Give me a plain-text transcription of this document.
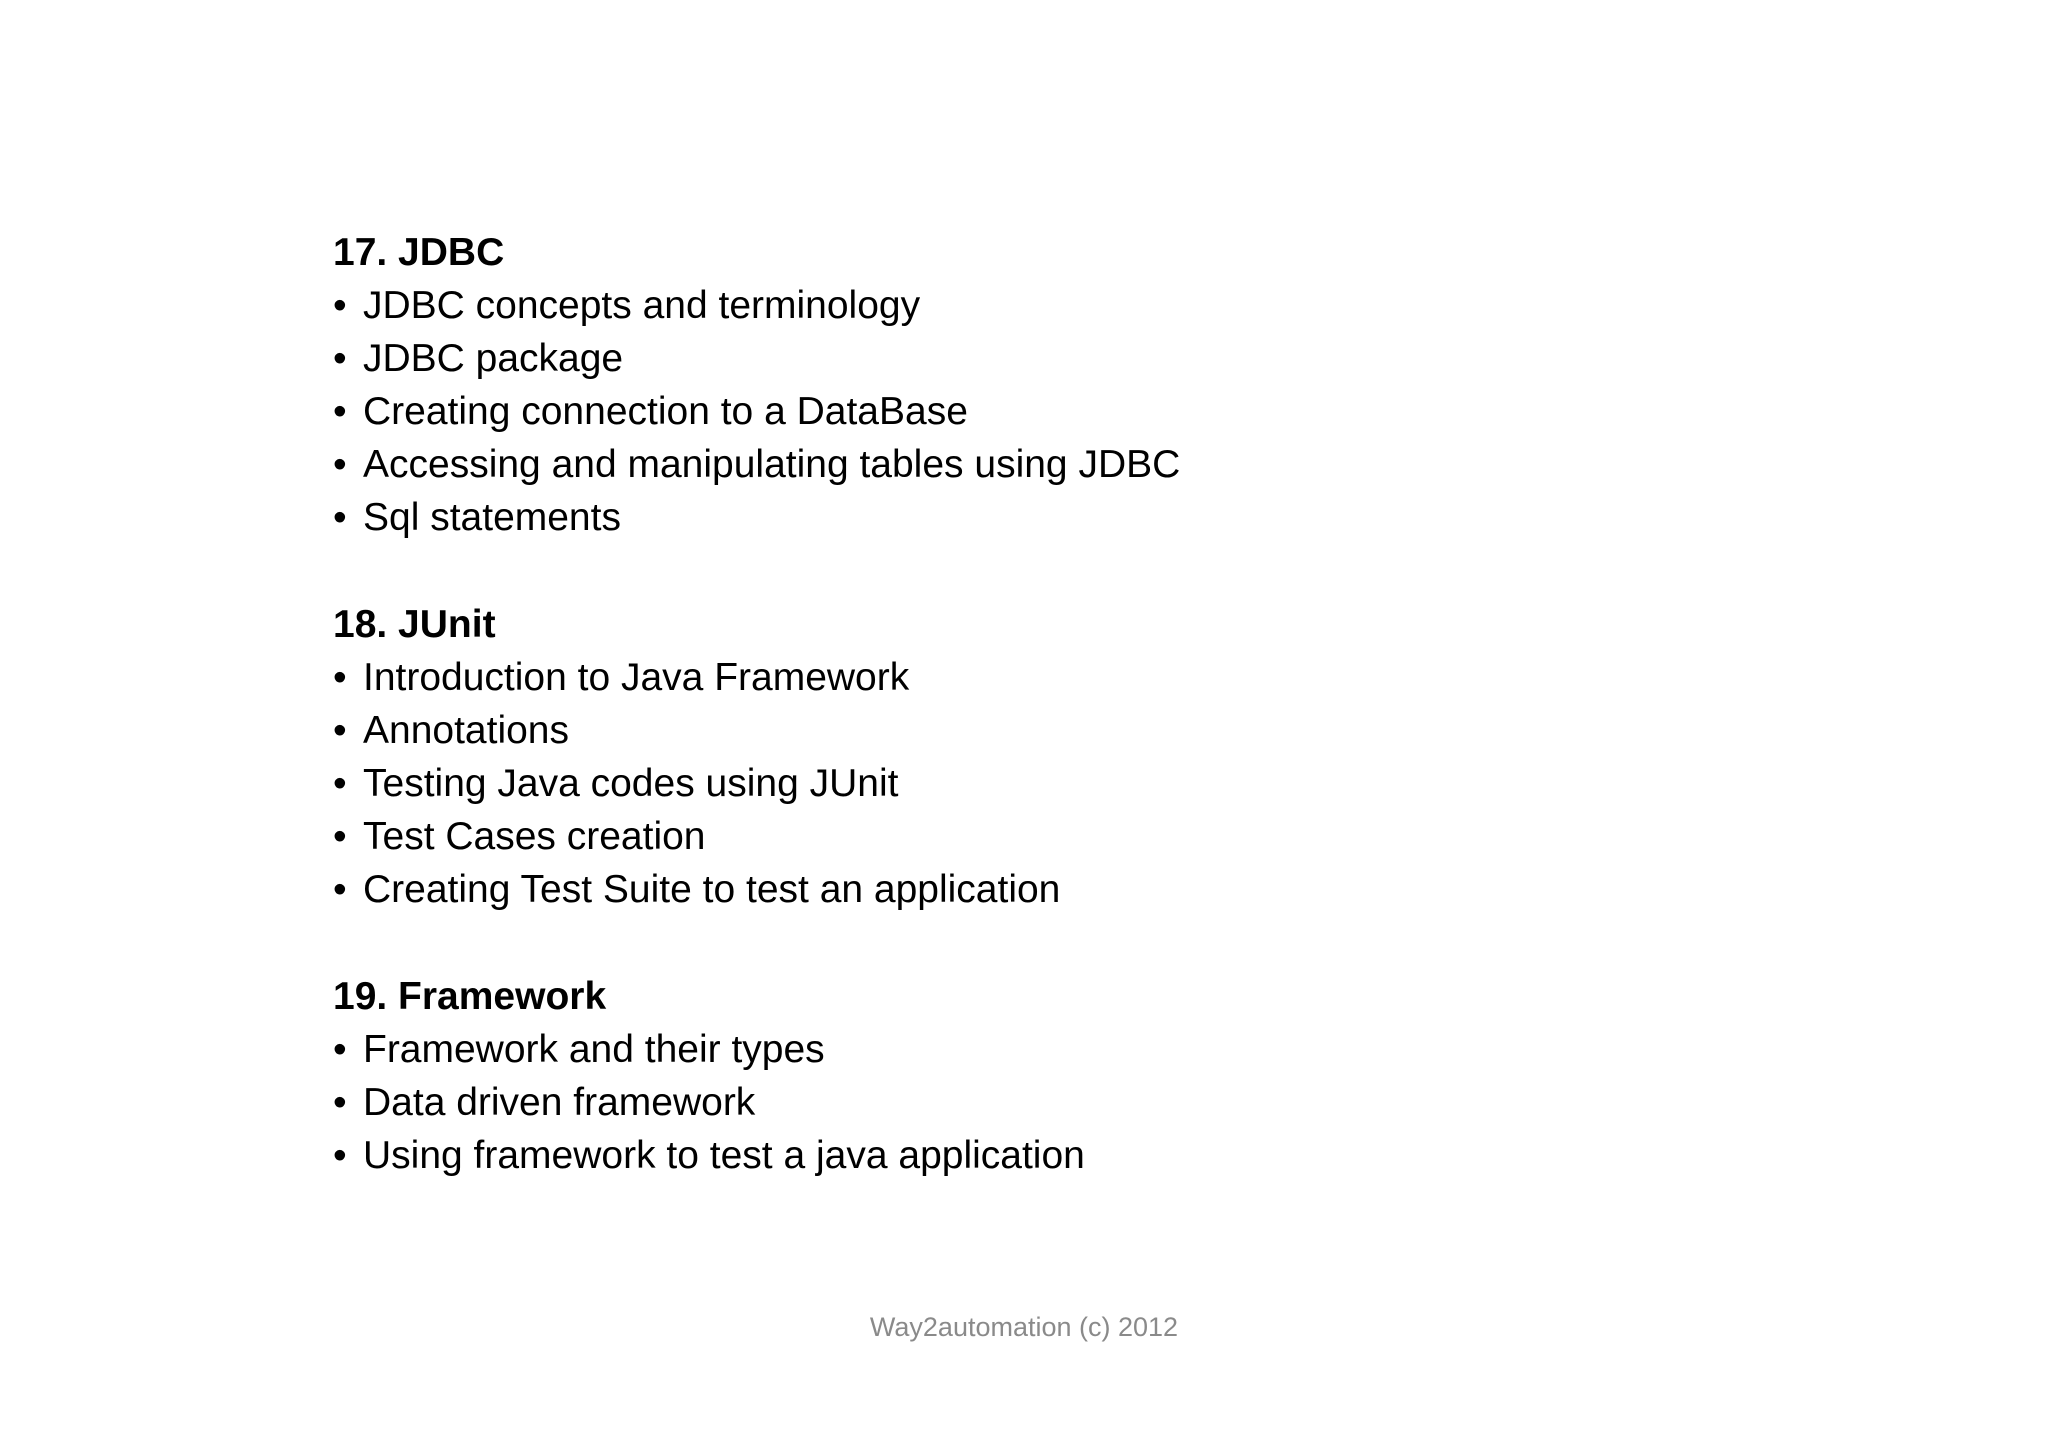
17. JDBC
• JDBC concepts and terminology
• JDBC package
• Creating connection to a DataBase
• Accessing and manipulating tables using JDBC
• Sql statements
18. JUnit
• Introduction to Java Framework
• Annotations
• Testing Java codes using JUnit
• Test Cases creation
• Creating Test Suite to test an application
19. Framework
• Framework and their types
• Data driven framework
• Using framework to test a java application
Way2automation (c) 2012
